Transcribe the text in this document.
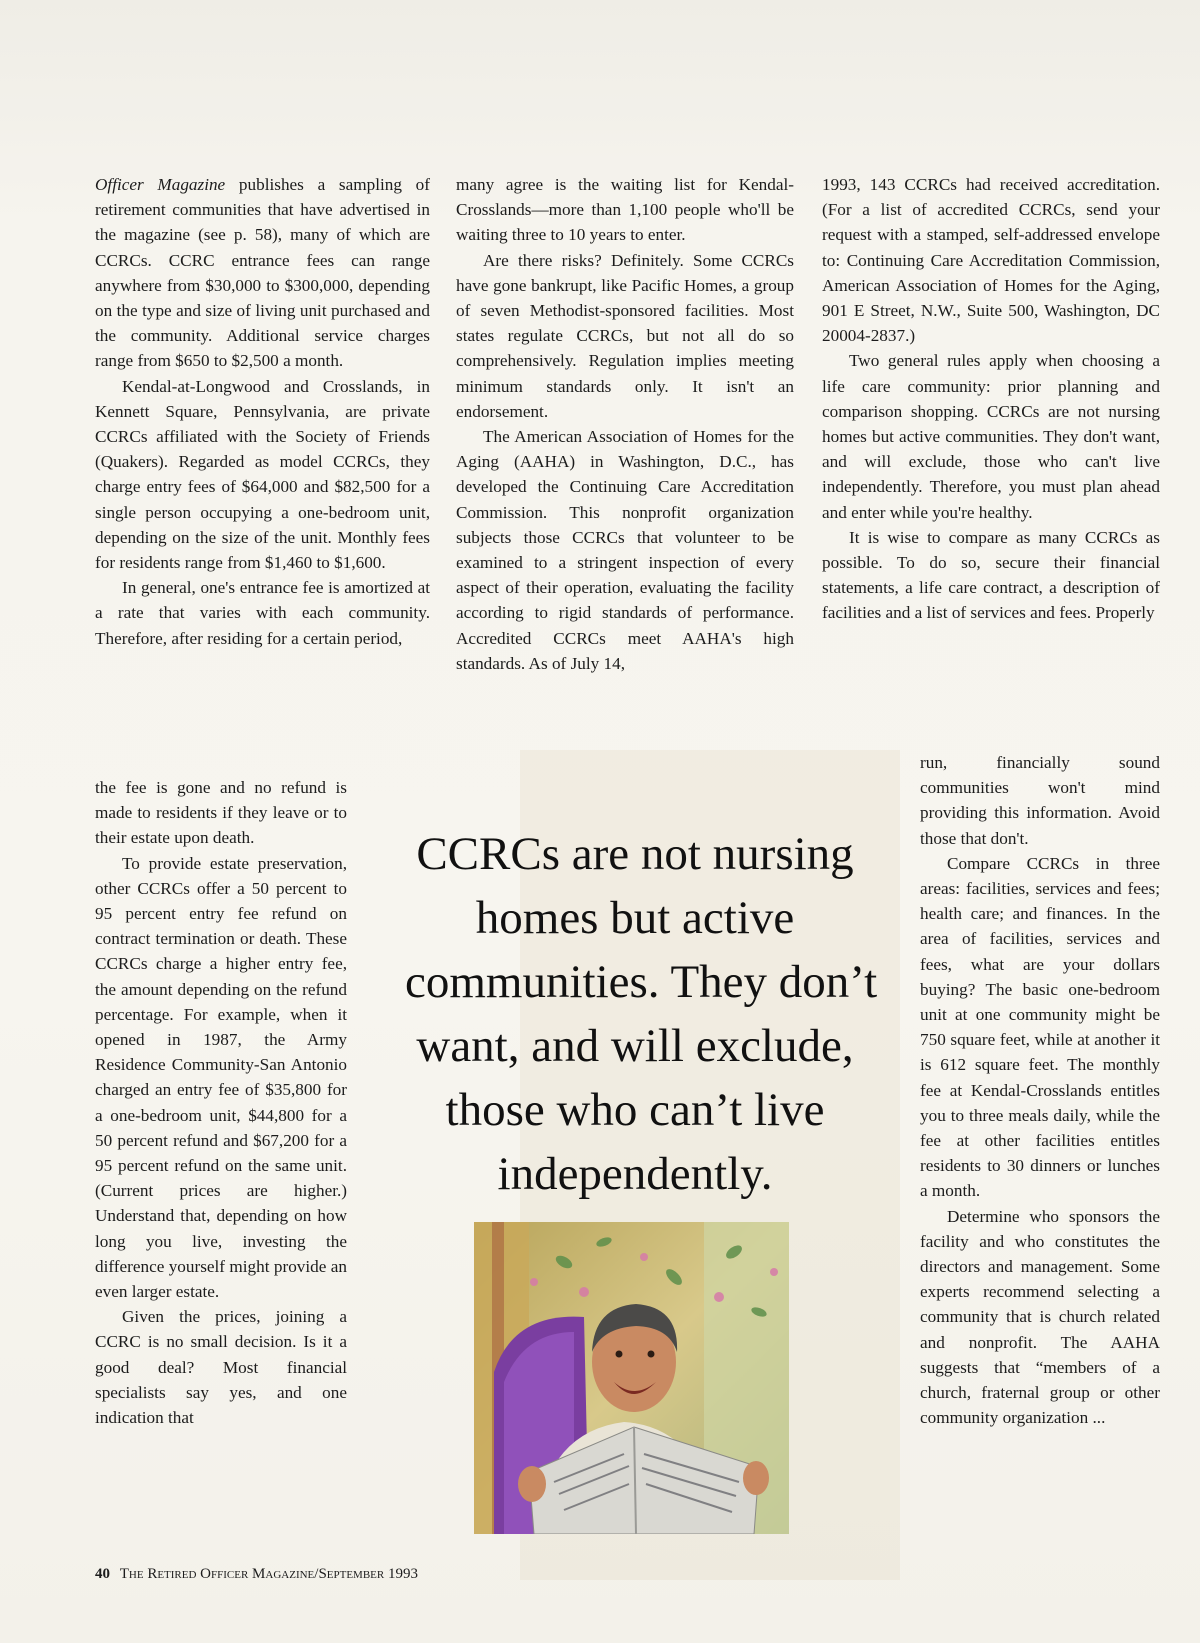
Officer Magazine publishes a sampling of retirement communities that have advertised in the magazine (see p. 58), many of which are CCRCs. CCRC entrance fees can range anywhere from $30,000 to $300,000, depending on the type and size of living unit purchased and the community. Additional service charges range from $650 to $2,500 a month.

Kendal-at-Longwood and Crosslands, in Kennett Square, Pennsylvania, are private CCRCs affiliated with the Society of Friends (Quakers). Regarded as model CCRCs, they charge entry fees of $64,000 and $82,500 for a single person occupying a one-bedroom unit, depending on the size of the unit. Monthly fees for residents range from $1,460 to $1,600.

In general, one's entrance fee is amortized at a rate that varies with each community. Therefore, after residing for a certain period,

the fee is gone and no refund is made to residents if they leave or to their estate upon death.

To provide estate preservation, other CCRCs offer a 50 percent to 95 percent entry fee refund on contract termination or death. These CCRCs charge a higher entry fee, the amount depending on the refund percentage. For example, when it opened in 1987, the Army Residence Community-San Antonio charged an entry fee of $35,800 for a one-bedroom unit, $44,800 for a 50 percent refund and $67,200 for a 95 percent refund on the same unit. (Current prices are higher.) Understand that, depending on how long you live, investing the difference yourself might provide an even larger estate.

Given the prices, joining a CCRC is no small decision. Is it a good deal? Most financial specialists say yes, and one indication that

many agree is the waiting list for Kendal-Crosslands—more than 1,100 people who'll be waiting three to 10 years to enter.

Are there risks? Definitely. Some CCRCs have gone bankrupt, like Pacific Homes, a group of seven Methodist-sponsored facilities. Most states regulate CCRCs, but not all do so comprehensively. Regulation implies meeting minimum standards only. It isn't an endorsement.

The American Association of Homes for the Aging (AAHA) in Washington, D.C., has developed the Continuing Care Accreditation Commission. This nonprofit organization subjects those CCRCs that volunteer to be examined to a stringent inspection of every aspect of their operation, evaluating the facility according to rigid standards of performance. Accredited CCRCs meet AAHA's high standards. As of July 14,

1993, 143 CCRCs had received accreditation. (For a list of accredited CCRCs, send your request with a stamped, self-addressed envelope to: Continuing Care Accreditation Commission, American Association of Homes for the Aging, 901 E Street, N.W., Suite 500, Washington, DC 20004-2837.)

Two general rules apply when choosing a life care community: prior planning and comparison shopping. CCRCs are not nursing homes but active communities. They don't want, and will exclude, those who can't live independently. Therefore, you must plan ahead and enter while you're healthy.

It is wise to compare as many CCRCs as possible. To do so, secure their financial statements, a life care contract, a description of facilities and a list of services and fees. Properly

run, financially sound communities won't mind providing this information. Avoid those that don't.

Compare CCRCs in three areas: facilities, services and fees; health care; and finances. In the area of facilities, services and fees, what are your dollars buying? The basic one-bedroom unit at one community might be 750 square feet, while at another it is 612 square feet. The monthly fee at Kendal-Crosslands entitles you to three meals daily, while the fee at other facilities entitles residents to 30 dinners or lunches a month.

Determine who sponsors the facility and who constitutes the directors and management. Some experts recommend selecting a community that is church related and nonprofit. The AAHA suggests that “members of a church, fraternal group or other community organization ...

CCRCs are not nursing
homes but active
communities. They don’t
want, and will exclude,
those who can’t live
independently.
40 The Retired Officer Magazine/September 1993
